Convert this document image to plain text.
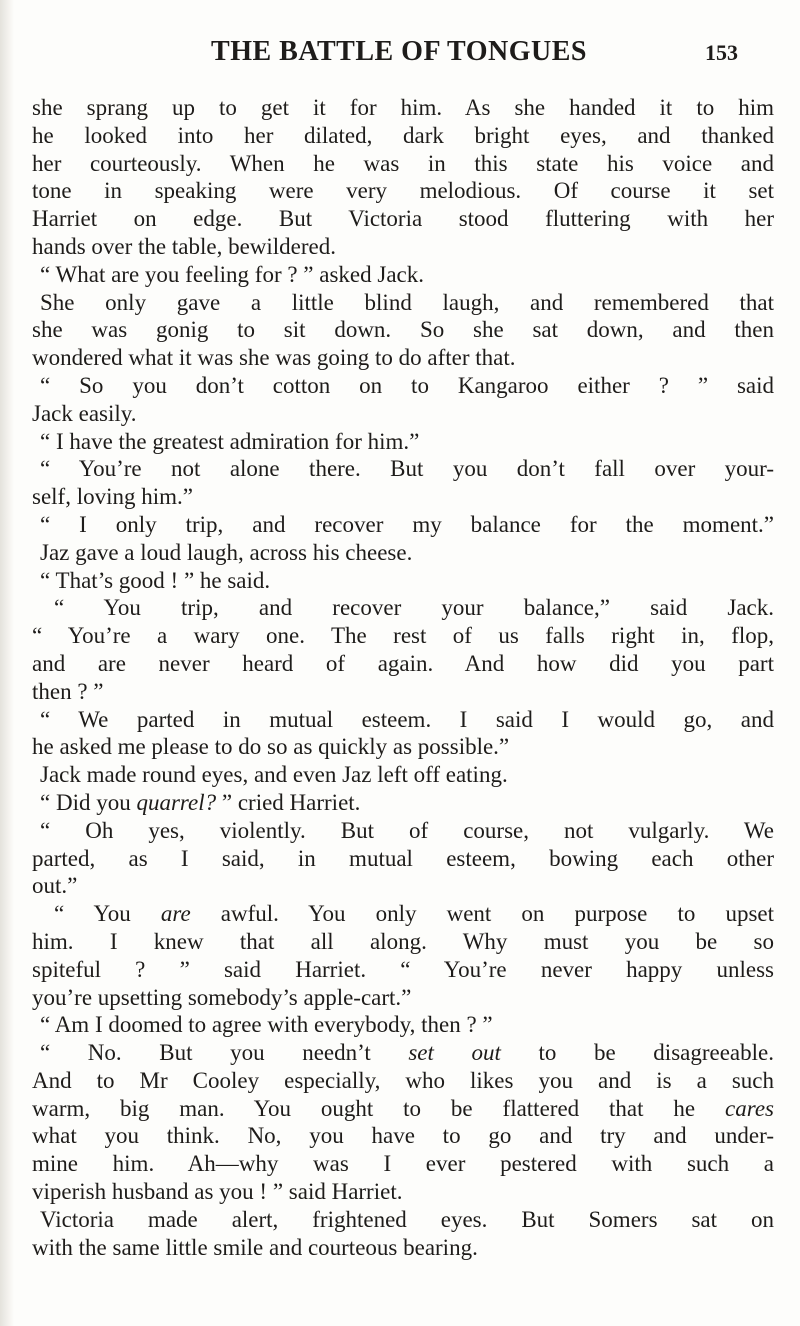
THE BATTLE OF TONGUES	153
she sprang up to get it for him. As she handed it to him
he looked into her dilated, dark bright eyes, and thanked
her courteously. When he was in this state his voice and
tone in speaking were very melodious. Of course it set
Harriet on edge. But Victoria stood fluttering with her
hands over the table, bewildered.
“ What are you feeling for ? ” asked Jack.
She only gave a little blind laugh, and remembered that
she was gonig to sit down. So she sat down, and then
wondered what it was she was going to do after that.
“ So you don’t cotton on to Kangaroo either ? ” said
Jack easily.
“ I have the greatest admiration for him.”
“ You’re not alone there. But you don’t fall over your-
self, loving him.”
“ I only trip, and recover my balance for the moment.”
Jaz gave a loud laugh, across his cheese.
“ That’s good ! ” he said.
“ You trip, and recover your balance,” said Jack.
“ You’re a wary one. The rest of us falls right in, flop,
and are never heard of again. And how did you part
then ? ”
“ We parted in mutual esteem. I said I would go, and
he asked me please to do so as quickly as possible.”
Jack made round eyes, and even Jaz left off eating.
“ Did you quarrel? ” cried Harriet.
“ Oh yes, violently. But of course, not vulgarly. We
parted, as I said, in mutual esteem, bowing each other
out.”
“ You are awful. You only went on purpose to upset
him. I knew that all along. Why must you be so
spiteful ? ” said Harriet. “ You’re never happy unless
you’re upsetting somebody’s apple-cart.”
“ Am I doomed to agree with everybody, then ? ”
“ No. But you needn’t set out to be disagreeable.
And to Mr Cooley especially, who likes you and is a such
warm, big man. You ought to be flattered that he cares
what you think. No, you have to go and try and under-
mine him. Ah—why was I ever pestered with such a
viperish husband as you ! ” said Harriet.
Victoria made alert, frightened eyes. But Somers sat on
with the same little smile and courteous bearing.
